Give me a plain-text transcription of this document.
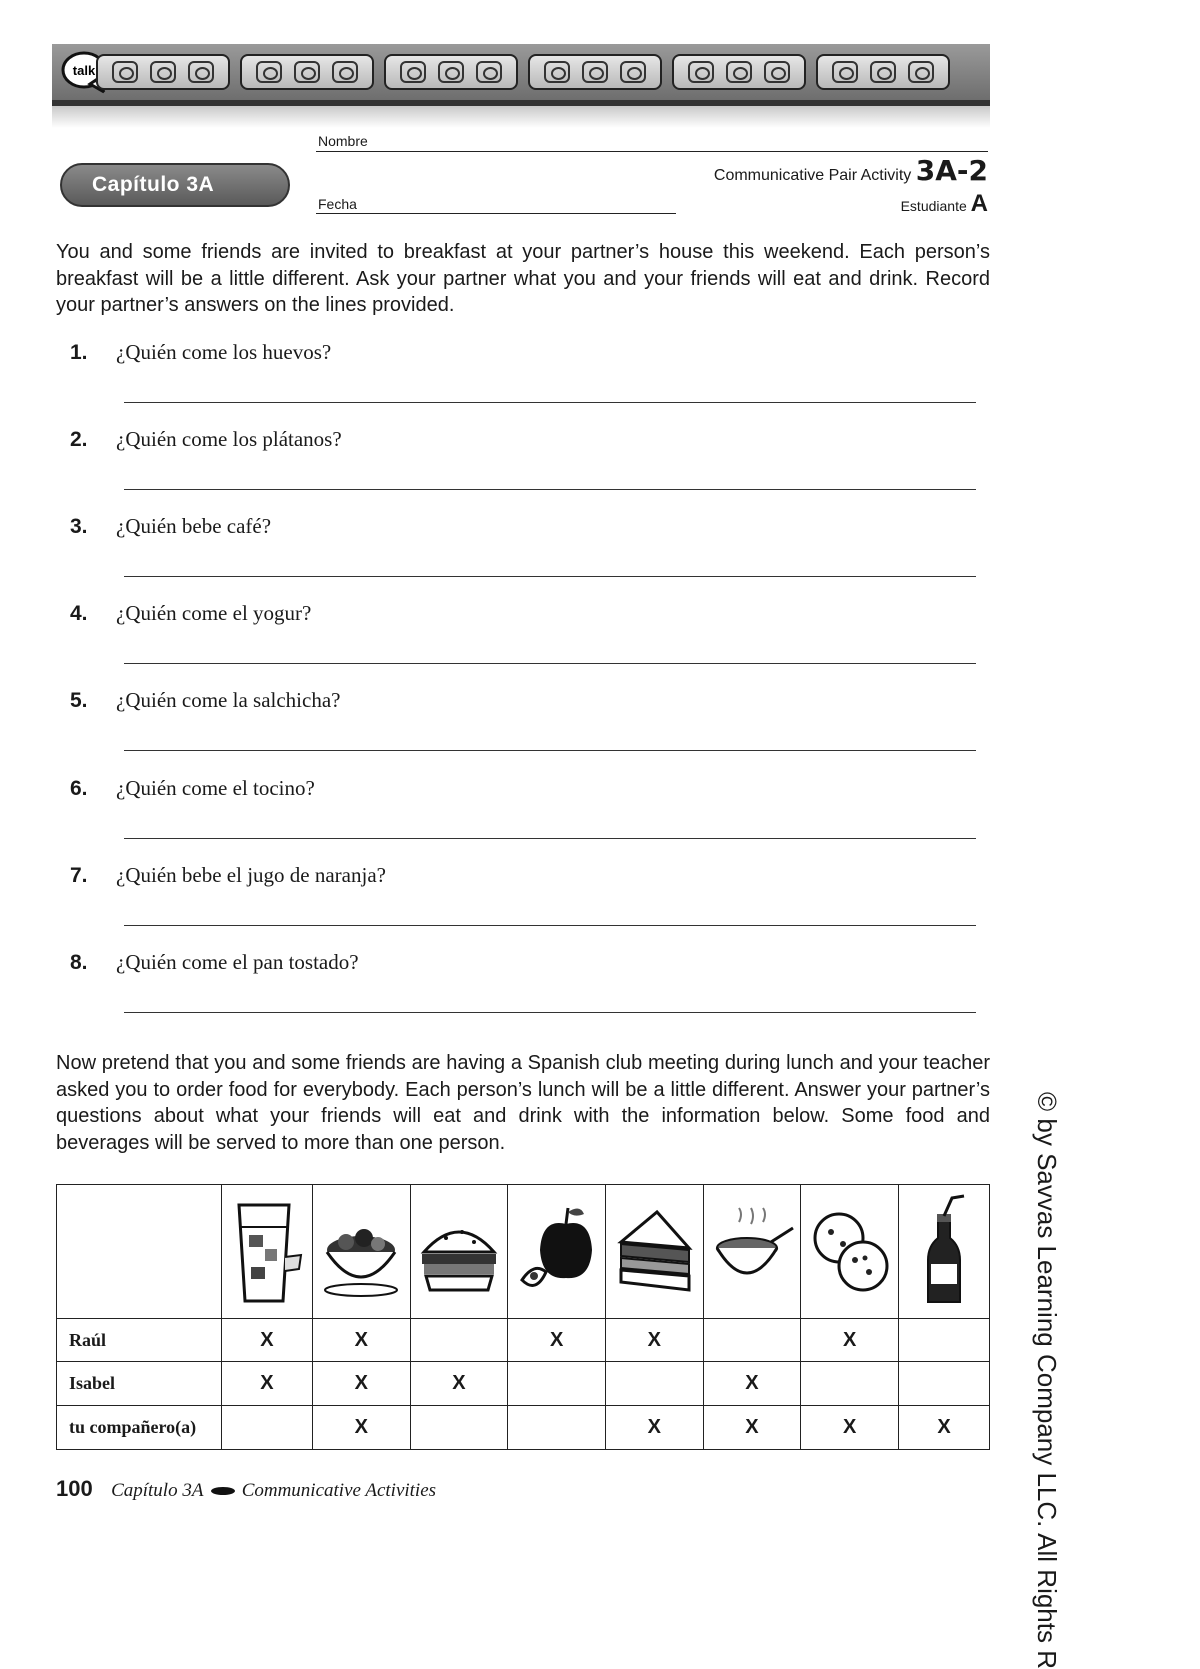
talk
Capítulo 3A
Nombre
Fecha
Communicative Pair Activity 3A-2
Estudiante A

You and some friends are invited to breakfast at your partner’s house this weekend. Each person’s breakfast will be a little different. Ask your partner what you and your friends will eat and drink. Record your partner’s answers on the lines provided.

1. ¿Quién come los huevos?
2. ¿Quién come los plátanos?
3. ¿Quién bebe café?
4. ¿Quién come el yogur?
5. ¿Quién come la salchicha?
6. ¿Quién come el tocino?
7. ¿Quién bebe el jugo de naranja?
8. ¿Quién come el pan tostado?

Now pretend that you and some friends are having a Spanish club meeting during lunch and your teacher asked you to order food for everybody. Each person’s lunch will be a little different. Answer your partner’s questions about what your friends will eat and drink with the information below. Some food and beverages will be served to more than one person.

Raúl	X	X		X	X		X	
Isabel	X	X	X			X		
tu compañero(a)		X			X	X	X	X
100 Capítulo 3A Communicative Activities	© by Savvas Learning Company LLC. All Rights R
